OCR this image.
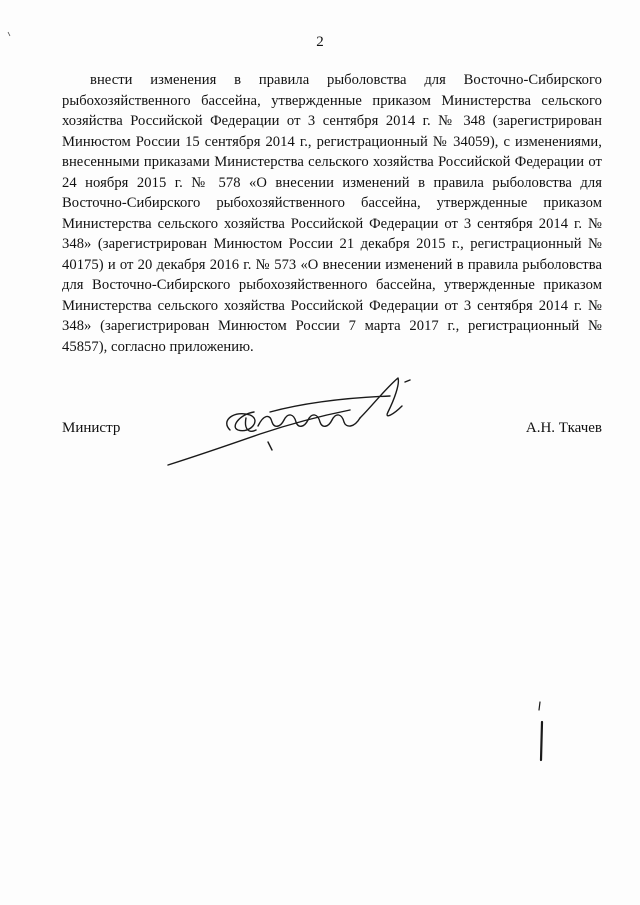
2

внести изменения в правила рыболовства для Восточно-Сибирского рыбохозяйственного бассейна, утвержденные приказом Министерства сельского хозяйства Российской Федерации от 3 сентября 2014 г. № 348 (зарегистрирован Минюстом России 15 сентября 2014 г., регистрационный № 34059), с изменениями, внесенными приказами Министерства сельского хозяйства Российской Федерации от 24 ноября 2015 г. № 578 «О внесении изменений в правила рыболовства для Восточно-Сибирского рыбохозяйственного бассейна, утвержденные приказом Министерства сельского хозяйства Российской Федерации от 3 сентября 2014 г. № 348» (зарегистрирован Минюстом России 21 декабря 2015 г., регистрационный № 40175) и от 20 декабря 2016 г. № 573 «О внесении изменений в правила рыболовства для Восточно-Сибирского рыбохозяйственного бассейна, утвержденные приказом Министерства сельского хозяйства Российской Федерации от 3 сентября 2014 г. № 348» (зарегистрирован Минюстом России 7 марта 2017 г., регистрационный № 45857), согласно приложению.

Министр	А.Н. Ткачев
